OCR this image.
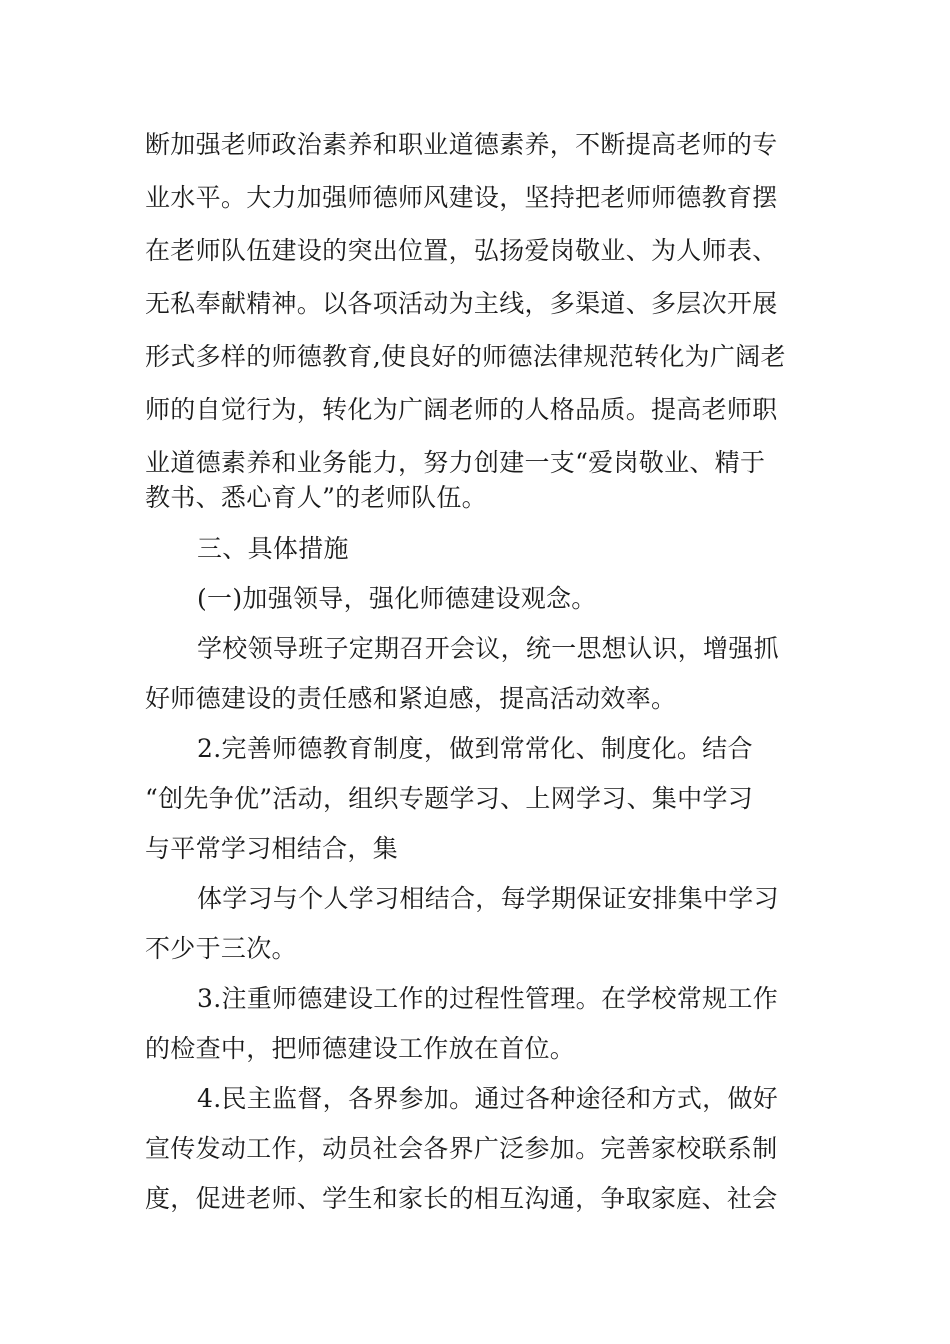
断加强老师政治素养和职业道德素养，不断提高老师的专
业水平。大力加强师德师风建设，坚持把老师师德教育摆
在老师队伍建设的突出位置，弘扬爱岗敬业、为人师表、
无私奉献精神。以各项活动为主线，多渠道、多层次开展
形式多样的师德教育,使良好的师德法律规范转化为广阔老
师的自觉行为，转化为广阔老师的人格品质。提高老师职
业道德素养和业务能力，努力创建一支“爱岗敬业、精于
教书、悉心育人”的老师队伍。
三、具体措施
(一)加强领导，强化师德建设观念。
学校领导班子定期召开会议，统一思想认识，增强抓
好师德建设的责任感和紧迫感，提高活动效率。
2.完善师德教育制度，做到常常化、制度化。结合
“创先争优”活动，组织专题学习、上网学习、集中学习
与平常学习相结合，集
体学习与个人学习相结合，每学期保证安排集中学习
不少于三次。
3.注重师德建设工作的过程性管理。在学校常规工作
的检查中，把师德建设工作放在首位。
4.民主监督，各界参加。通过各种途径和方式，做好
宣传发动工作，动员社会各界广泛参加。完善家校联系制
度，促进老师、学生和家长的相互沟通，争取家庭、社会
